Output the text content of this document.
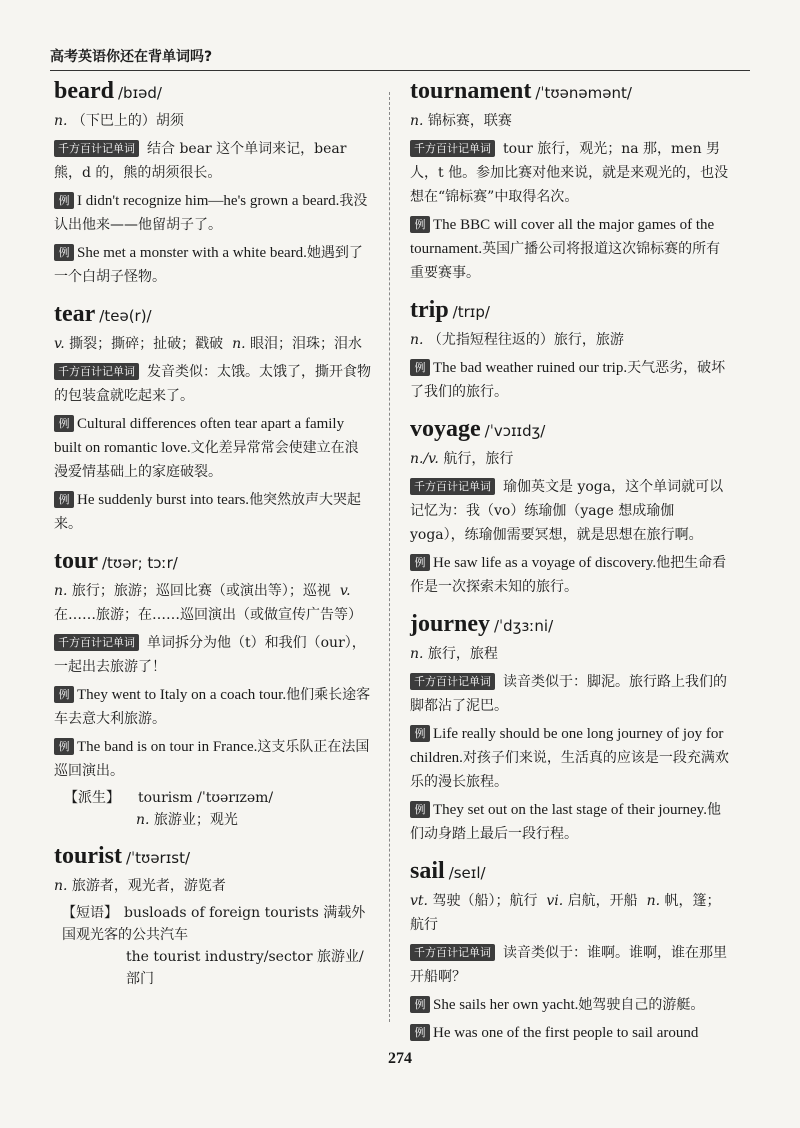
高考英语你还在背单词吗?
beard /bɪəd/

n. （下巴上的）胡须

千方百计记单词 结合 bear 这个单词来记，bear 熊，d 的，熊的胡须很长。

例 I didn't recognize him—he's grown a beard.我没认出他来——他留胡子了。

例 She met a monster with a white beard.她遇到了一个白胡子怪物。

tear /teə(r)/

v. 撕裂；撕碎；扯破；戳破 n. 眼泪；泪珠；泪水

千方百计记单词 发音类似：太饿。太饿了，撕开食物的包装盒就吃起来了。

例 Cultural differences often tear apart a family built on romantic love.文化差异常常会使建立在浪漫爱情基础上的家庭破裂。

例 He suddenly burst into tears.他突然放声大哭起来。

tour /tʊər; tɔːr/

n. 旅行；旅游；巡回比赛（或演出等）；巡视 v. 在……旅游；在……巡回演出（或做宣传广告等）

千方百计记单词 单词拆分为他（t）和我们（our），一起出去旅游了！

例 They went to Italy on a coach tour.他们乘长途客车去意大利旅游。

例 The band is on tour in France.这支乐队正在法国巡回演出。

【派生】 tourism /ˈtʊərɪzəm/
n. 旅游业；观光
tourist /ˈtʊərɪst/

n. 旅游者，观光者，游览者

【短语】 busloads of foreign tourists 满载外国观光客的公共汽车
the tourist industry/sector 旅游业/部门
tournament /ˈtʊənəmənt/

n. 锦标赛，联赛

千方百计记单词 tour 旅行，观光；na 那，men 男人，t 他。参加比赛对他来说，就是来观光的，也没想在“锦标赛”中取得名次。

例 The BBC will cover all the major games of the tournament.英国广播公司将报道这次锦标赛的所有重要赛事。

trip /trɪp/

n. （尤指短程往返的）旅行，旅游

例 The bad weather ruined our trip.天气恶劣，破坏了我们的旅行。

voyage /ˈvɔɪɪdʒ/

n./v. 航行，旅行

千方百计记单词 瑜伽英文是 yoga，这个单词就可以记忆为：我（vo）练瑜伽（yage 想成瑜伽 yoga），练瑜伽需要冥想，就是思想在旅行啊。

例 He saw life as a voyage of discovery.他把生命看作是一次探索未知的旅行。

journey /ˈdʒɜːni/

n. 旅行，旅程

千方百计记单词 读音类似于：脚泥。旅行路上我们的脚都沾了泥巴。

例 Life really should be one long journey of joy for children.对孩子们来说，生活真的应该是一段充满欢乐的漫长旅程。

例 They set out on the last stage of their journey.他们动身踏上最后一段行程。

sail /seɪl/

vt. 驾驶（船）；航行 vi. 启航，开船 n. 帆，篷；航行

千方百计记单词 读音类似于：谁啊。谁啊，谁在那里开船啊？

例 She sails her own yacht.她驾驶自己的游艇。

例 He was one of the first people to sail around

274
